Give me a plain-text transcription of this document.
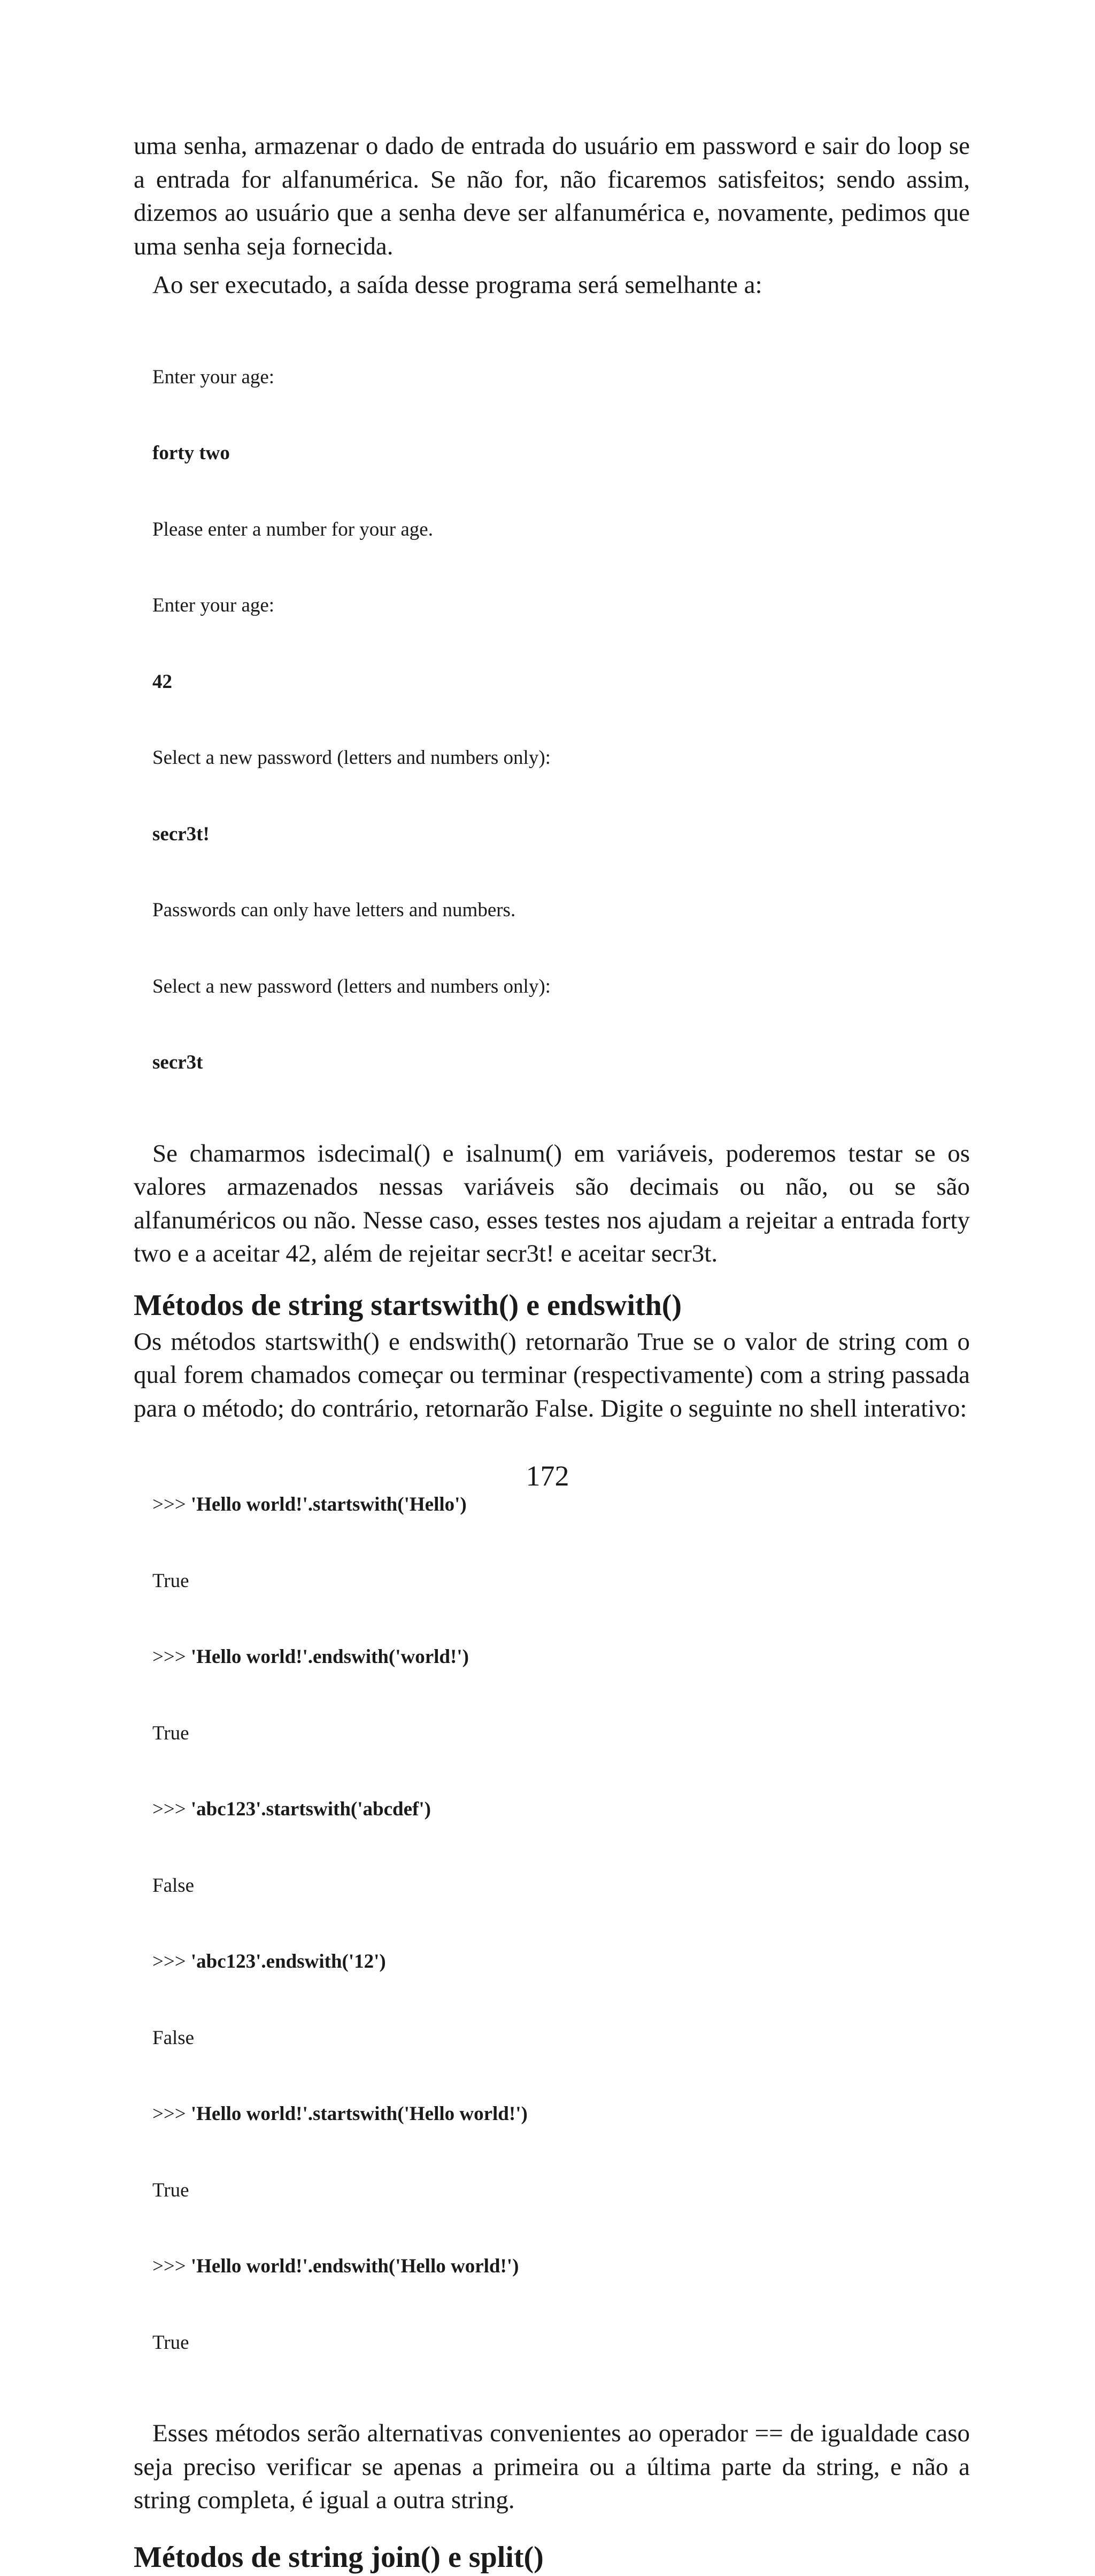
uma senha, armazenar o dado de entrada do usuário em password e sair do loop se a entrada for alfanumérica. Se não for, não ficaremos satisfeitos; sendo assim, dizemos ao usuário que a senha deve ser alfanumérica e, novamente, pedimos que uma senha seja fornecida.

Ao ser executado, a saída desse programa será semelhante a:

Enter your age:

forty two

Please enter a number for your age.

Enter your age:

42

Select a new password (letters and numbers only):

secr3t!

Passwords can only have letters and numbers.

Select a new password (letters and numbers only):

secr3t

Se chamarmos isdecimal() e isalnum() em variáveis, poderemos testar se os valores armazenados nessas variáveis são decimais ou não, ou se são alfanuméricos ou não. Nesse caso, esses testes nos ajudam a rejeitar a entrada forty two e a aceitar 42, além de rejeitar secr3t! e aceitar secr3t.

Métodos de string startswith() e endswith()

Os métodos startswith() e endswith() retornarão True se o valor de string com o qual forem chamados começar ou terminar (respectivamente) com a string passada para o método; do contrário, retornarão False. Digite o seguinte no shell interativo:

>>> 'Hello world!'.startswith('Hello')

True

>>> 'Hello world!'.endswith('world!')

True

>>> 'abc123'.startswith('abcdef')

False

>>> 'abc123'.endswith('12')

False

>>> 'Hello world!'.startswith('Hello world!')

True

>>> 'Hello world!'.endswith('Hello world!')

True

Esses métodos serão alternativas convenientes ao operador == de igualdade caso seja preciso verificar se apenas a primeira ou a última parte da string, e não a string completa, é igual a outra string.

Métodos de string join() e split()
172
